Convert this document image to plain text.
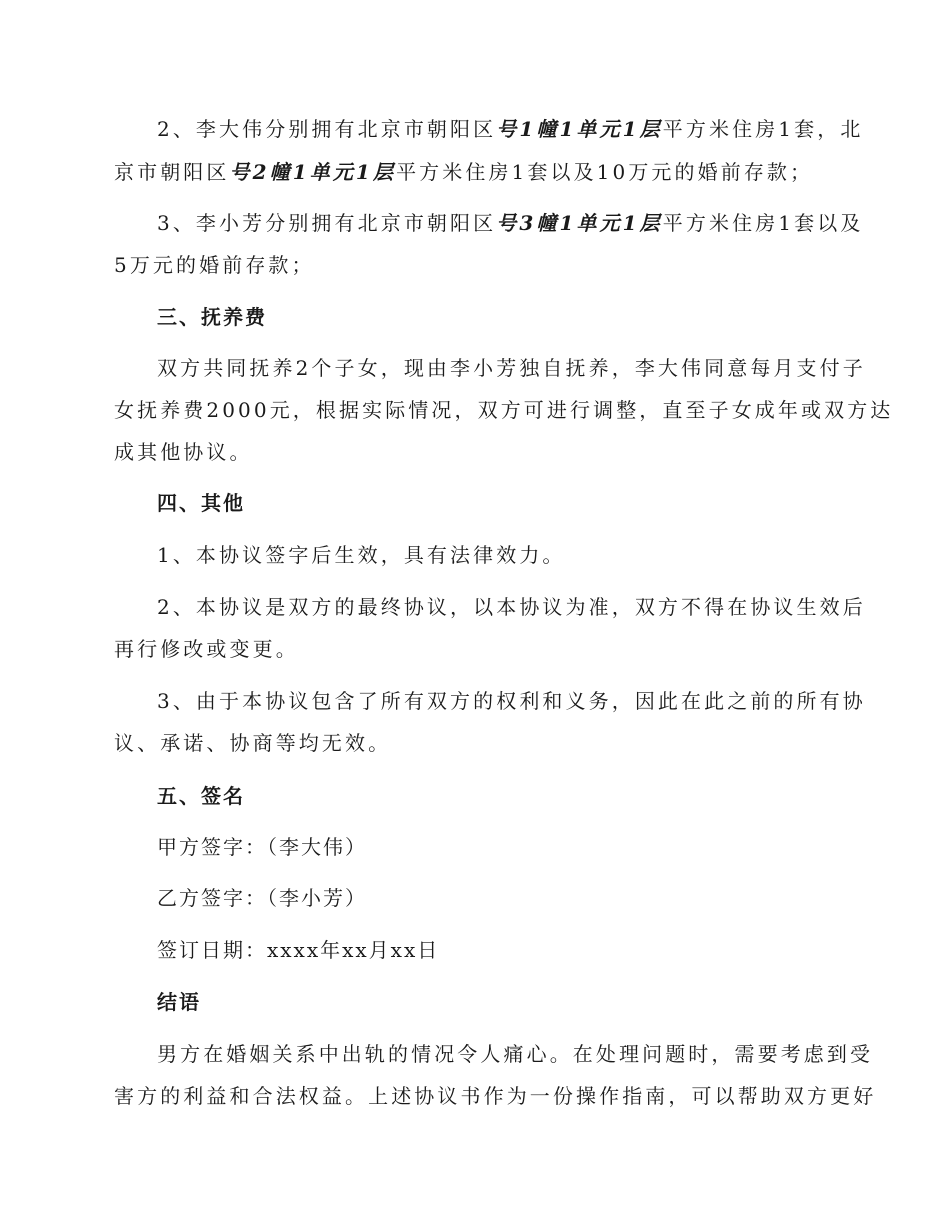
2、李大伟分别拥有北京市朝阳区号1幢1单元1层平方米住房1套，北
京市朝阳区号2幢1单元1层平方米住房1套以及10万元的婚前存款；
3、李小芳分别拥有北京市朝阳区号3幢1单元1层平方米住房1套以及
5万元的婚前存款；
三、抚养费
双方共同抚养2个子女，现由李小芳独自抚养，李大伟同意每月支付子
女抚养费2000元，根据实际情况，双方可进行调整，直至子女成年或双方达
成其他协议。
四、其他
1、本协议签字后生效，具有法律效力。
2、本协议是双方的最终协议，以本协议为准，双方不得在协议生效后
再行修改或变更。
3、由于本协议包含了所有双方的权利和义务，因此在此之前的所有协
议、承诺、协商等均无效。
五、签名
甲方签字：（李大伟）
乙方签字：（李小芳）
签订日期：xxxx年xx月xx日
结语
男方在婚姻关系中出轨的情况令人痛心。在处理问题时，需要考虑到受
害方的利益和合法权益。上述协议书作为一份操作指南，可以帮助双方更好
